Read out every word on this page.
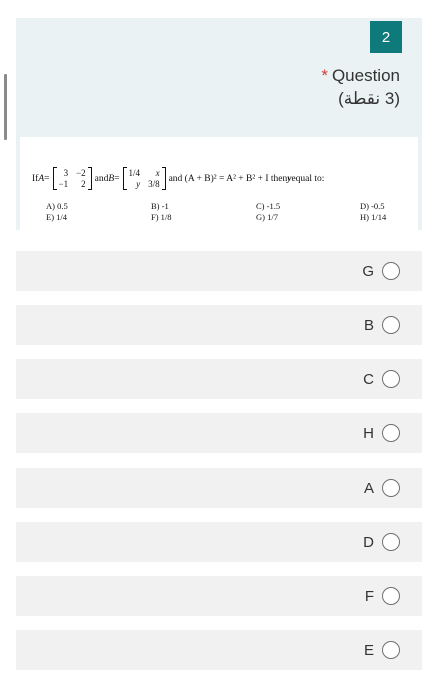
2
* Question
(3 نقطة)
If A =
3 −2
−1	2
and B =
1/4	x
y 3/8
and (A + B)² = A² + B² + I then y equal to:
A) 0.5	B) -1	C) -1.5	D) -0.5
E) 1/4	F) 1/8	G) 1/7	H) 1/14
G
B
C
H
A
D
F
E
